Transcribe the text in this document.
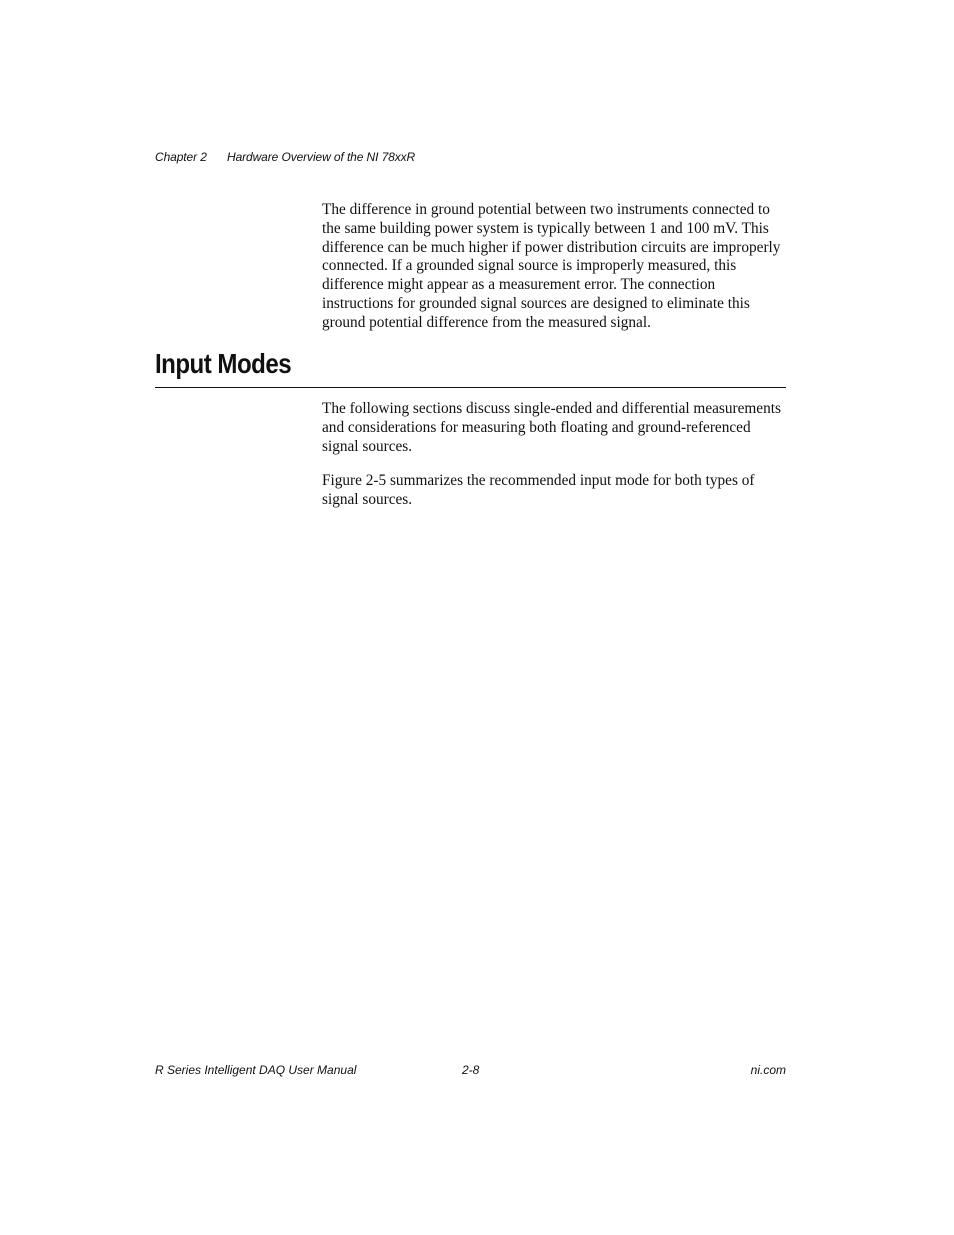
Chapter 2 Hardware Overview of the NI 78xxR

The difference in ground potential between two instruments connected to the same building power system is typically between 1 and 100 mV. This difference can be much higher if power distribution circuits are improperly connected. If a grounded signal source is improperly measured, this difference might appear as a measurement error. The connection instructions for grounded signal sources are designed to eliminate this ground potential difference from the measured signal.

Input Modes

The following sections discuss single-ended and differential measurements and considerations for measuring both floating and ground-referenced signal sources.

Figure 2-5 summarizes the recommended input mode for both types of signal sources.

R Series Intelligent DAQ User Manual	2-8	ni.com
